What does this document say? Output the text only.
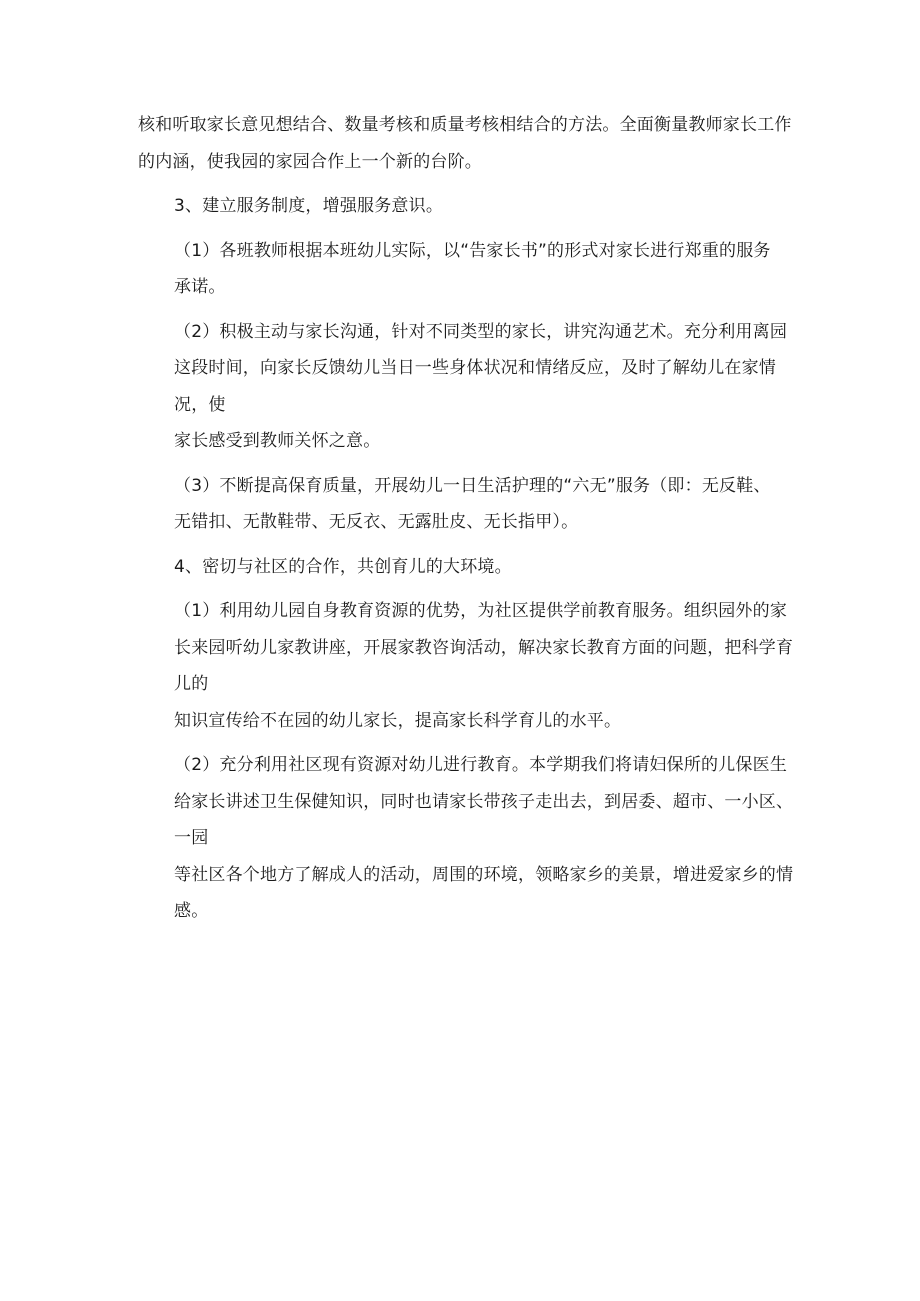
核和听取家长意见想结合、数量考核和质量考核相结合的方法。全面衡量教师家长工作
的内涵，使我园的家园合作上一个新的台阶。

3、建立服务制度，增强服务意识。

（1）各班教师根据本班幼儿实际，以“告家长书”的形式对家长进行郑重的服务
承诺。

（2）积极主动与家长沟通，针对不同类型的家长，讲究沟通艺术。充分利用离园
这段时间，向家长反馈幼儿当日一些身体状况和情绪反应，及时了解幼儿在家情况，使
家长感受到教师关怀之意。

（3）不断提高保育质量，开展幼儿一日生活护理的“六无”服务（即：无反鞋、
无错扣、无散鞋带、无反衣、无露肚皮、无长指甲）。

4、密切与社区的合作，共创育儿的大环境。

（1）利用幼儿园自身教育资源的优势，为社区提供学前教育服务。组织园外的家
长来园听幼儿家教讲座，开展家教咨询活动，解决家长教育方面的问题，把科学育儿的
知识宣传给不在园的幼儿家长，提高家长科学育儿的水平。

（2）充分利用社区现有资源对幼儿进行教育。本学期我们将请妇保所的儿保医生
给家长讲述卫生保健知识，同时也请家长带孩子走出去，到居委、超市、一小区、一园
等社区各个地方了解成人的活动，周围的环境，领略家乡的美景，增进爱家乡的情感。
